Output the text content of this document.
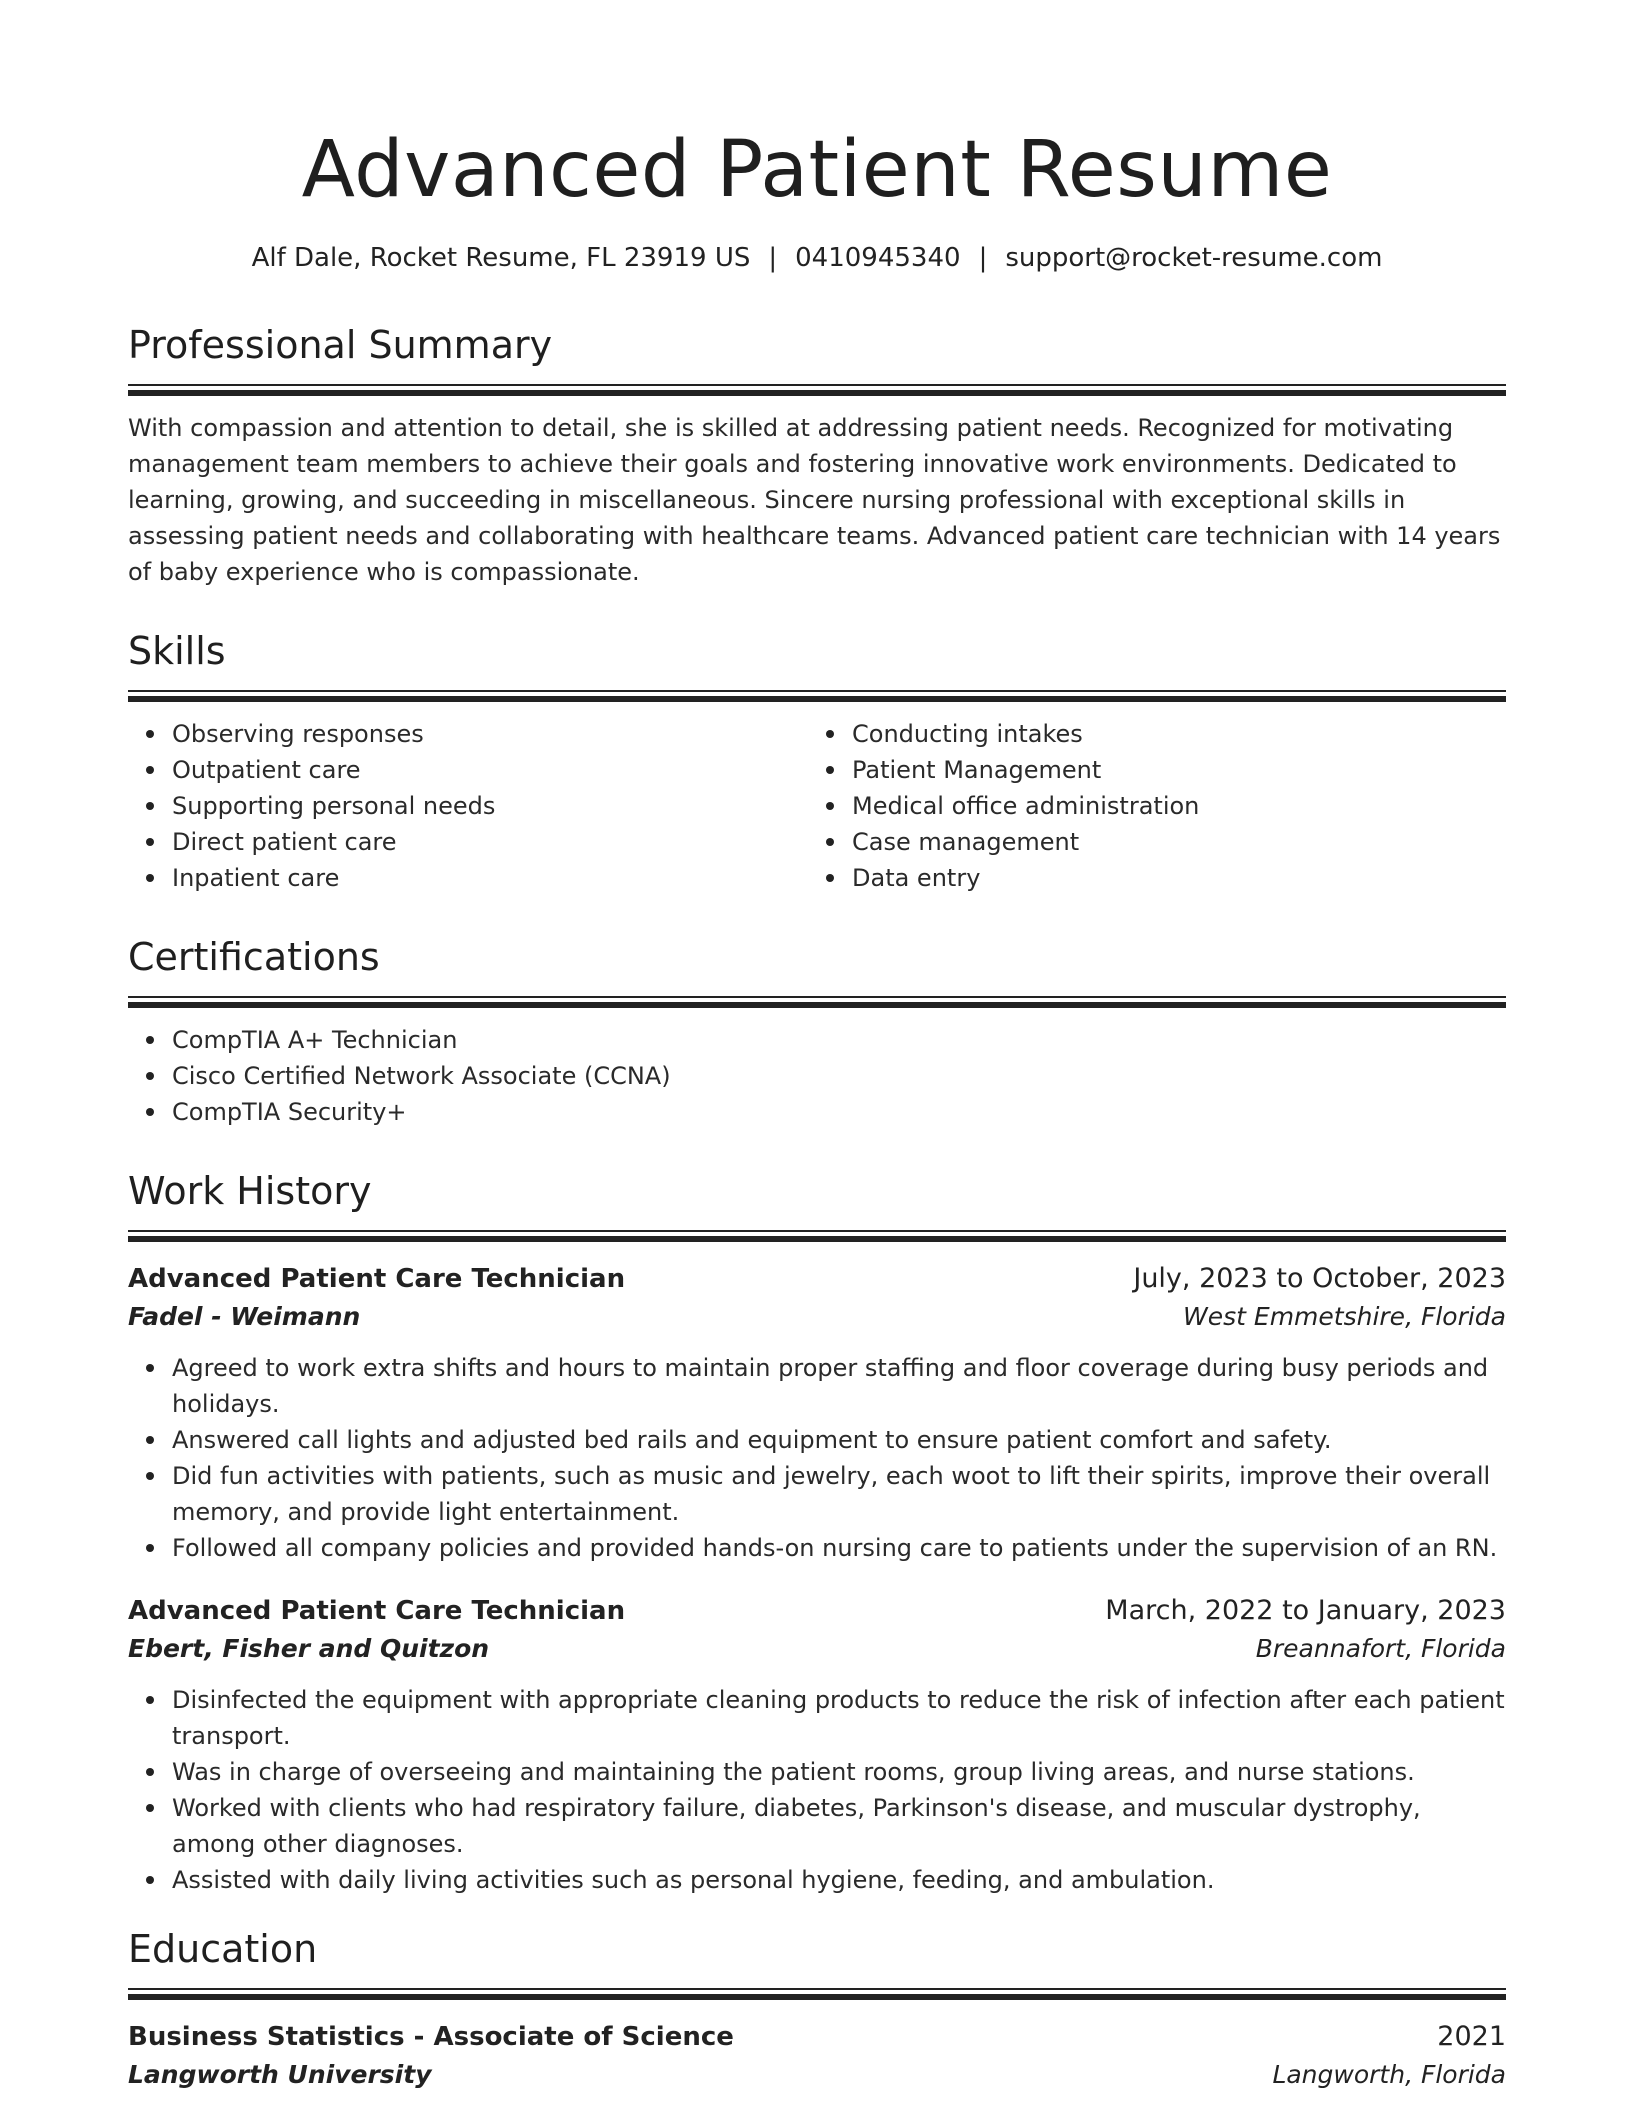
Advanced Patient Resume
Alf Dale, Rocket Resume, FL 23919 US | 0410945340 | support@rocket-resume.com
Professional Summary

With compassion and attention to detail, she is skilled at addressing patient needs. Recognized for motivating management team members to achieve their goals and fostering innovative work environments. Dedicated to learning, growing, and succeeding in miscellaneous. Sincere nursing professional with exceptional skills in assessing patient needs and collaborating with healthcare teams. Advanced patient care technician with 14 years of baby experience who is compassionate.

Skills
Observing responses
Outpatient care
Supporting personal needs
Direct patient care
Inpatient care
Conducting intakes
Patient Management
Medical office administration
Case management
Data entry
Certifications
CompTIA A+ Technician
Cisco Certified Network Associate (CCNA)
CompTIA Security+
Work History
Advanced Patient Care Technician	July, 2023 to October, 2023
Fadel - Weimann	West Emmetshire, Florida
Agreed to work extra shifts and hours to maintain proper staffing and floor coverage during busy periods and holidays.
Answered call lights and adjusted bed rails and equipment to ensure patient comfort and safety.
Did fun activities with patients, such as music and jewelry, each woot to lift their spirits, improve their overall memory, and provide light entertainment.
Followed all company policies and provided hands-on nursing care to patients under the supervision of an RN.
Advanced Patient Care Technician	March, 2022 to January, 2023
Ebert, Fisher and Quitzon	Breannafort, Florida
Disinfected the equipment with appropriate cleaning products to reduce the risk of infection after each patient transport.
Was in charge of overseeing and maintaining the patient rooms, group living areas, and nurse stations.
Worked with clients who had respiratory failure, diabetes, Parkinson's disease, and muscular dystrophy, among other diagnoses.
Assisted with daily living activities such as personal hygiene, feeding, and ambulation.
Education
Business Statistics - Associate of Science	2021
Langworth University	Langworth, Florida
